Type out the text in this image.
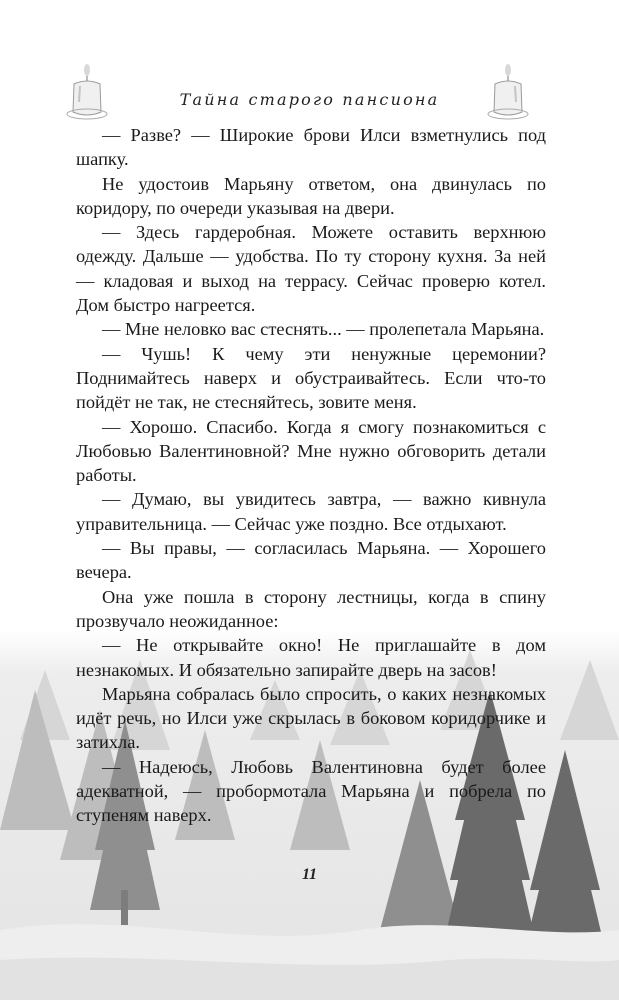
Тайна старого пансиона

— Разве? — Широкие брови Илси взметнулись под шапку.

Не удостоив Марьяну ответом, она двинулась по коридору, по очереди указывая на двери.

— Здесь гардеробная. Можете оставить верхнюю одежду. Дальше — удобства. По ту сторону кухня. За ней — кладовая и выход на террасу. Сейчас проверю котел. Дом быстро нагреется.

— Мне неловко вас стеснять... — пролепетала Марьяна.

— Чушь! К чему эти ненужные церемонии? Поднимайтесь наверх и обустраивайтесь. Если что-то пойдёт не так, не стесняйтесь, зовите меня.

— Хорошо. Спасибо. Когда я смогу познакомиться с Любовью Валентиновной? Мне нужно обговорить детали работы.

— Думаю, вы увидитесь завтра, — важно кивнула управительница. — Сейчас уже поздно. Все отдыхают.

— Вы правы, — согласилась Марьяна. — Хорошего вечера.

Она уже пошла в сторону лестницы, когда в спину прозвучало неожиданное:

— Не открывайте окно! Не приглашайте в дом незнакомых. И обязательно запирайте дверь на засов!

Марьяна собралась было спросить, о каких незнакомых идёт речь, но Илси уже скрылась в боковом коридорчике и затихла.

— Надеюсь, Любовь Валентиновна будет более адекватной, — пробормотала Марьяна и побрела по ступеням наверх.

11
